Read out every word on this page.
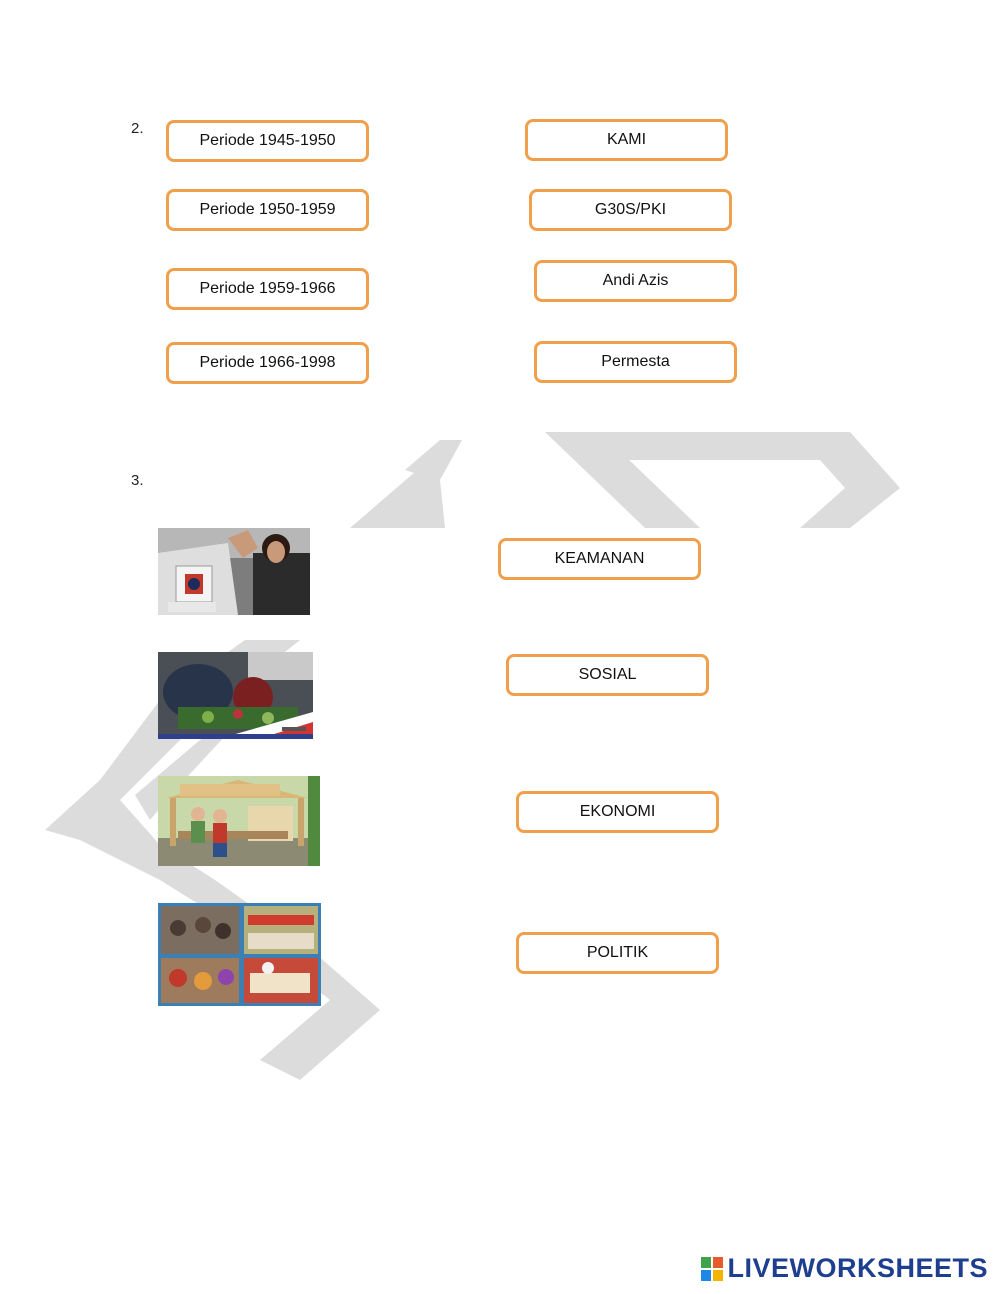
2.
Periode 1945-1950
Periode 1950-1959
Periode 1959-1966
Periode 1966-1998
KAMI
G30S/PKI
Andi Azis
Permesta
3.
KEAMANAN
SOSIAL
EKONOMI
POLITIK
LIVEWORKSHEETS
